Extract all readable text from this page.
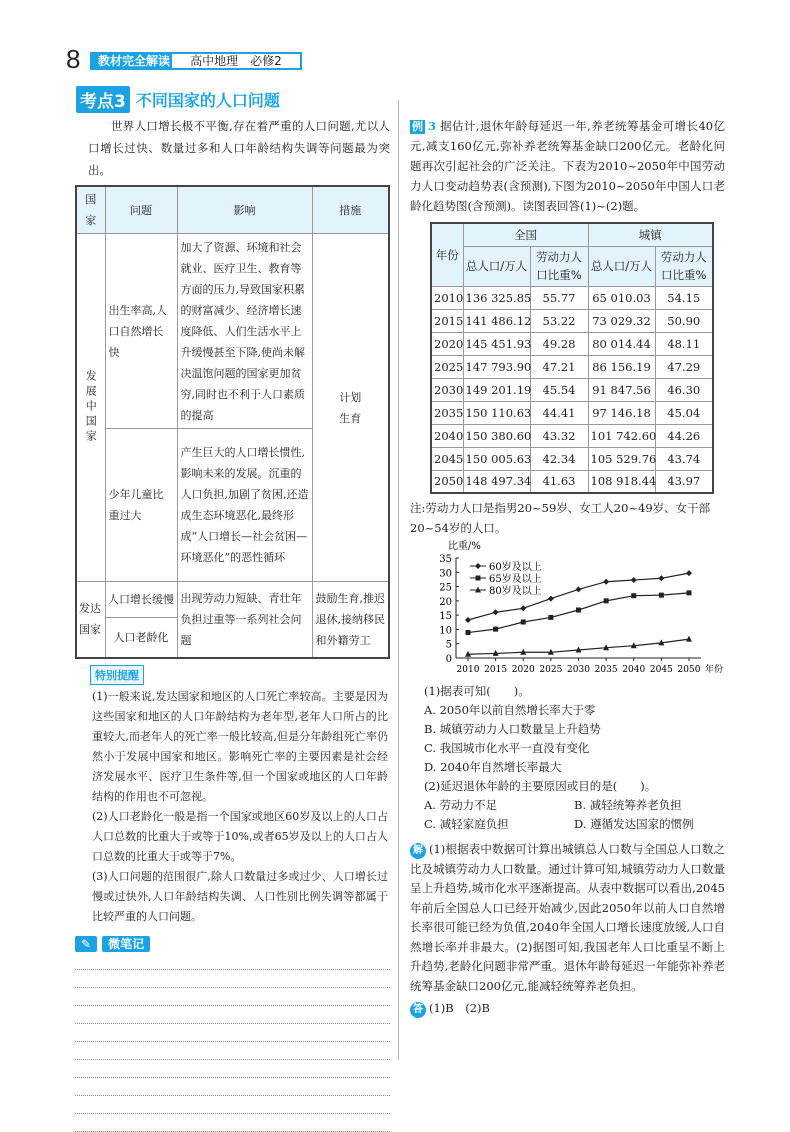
8	教材完全解读	高中地理　必修2
考点3 不同国家的人口问题
世界人口增长极不平衡,存在着严重的人口问题,尤以人口增长过快、数量过多和人口年龄结构失调等问题最为突出。
国家	问题	影响	措施

发展中国家	出生率高,人口自然增长快	加大了资源、环境和社会就业、医疗卫生、教育等方面的压力,导致国家积累的财富减少、经济增长速度降低、人们生活水平上升缓慢甚至下降,使尚未解决温饱问题的国家更加贫穷,同时也不利于人口素质的提高	计划生育
	少年儿童比重过大	产生巨大的人口增长惯性,影响未来的发展。沉重的人口负担,加剧了贫困,还造成生态环境恶化,最终形成“人口增长—社会贫困—环境恶化”的恶性循环	
发达国家	人口增长缓慢	出现劳动力短缺、青壮年负担过重等一系列社会问题	鼓励生育,推迟退休,接纳移民和外籍劳工
	人口老龄化		
特别提醒

(1)一般来说,发达国家和地区的人口死亡率较高。主要是因为这些国家和地区的人口年龄结构为老年型,老年人口所占的比重较大,而老年人的死亡率一般比较高,但是分年龄组死亡率仍然小于发展中国家和地区。影响死亡率的主要因素是社会经济发展水平、医疗卫生条件等,但一个国家或地区的人口年龄结构的作用也不可忽视。

(2)人口老龄化一般是指一个国家或地区60岁及以上的人口占人口总数的比重大于或等于10%,或者65岁及以上的人口占人口总数的比重大于或等于7%。

(3)人口问题的范围很广,除人口数量过多或过少、人口增长过慢或过快外,人口年龄结构失调、人口性别比例失调等都属于比较严重的人口问题。

✎ 微笔记
例 3 据估计,退休年龄每延迟一年,养老统筹基金可增长40亿元,减支160亿元,弥补养老统筹基金缺口200亿元。老龄化问题再次引起社会的广泛关注。下表为2010~2050年中国劳动力人口变动趋势表(含预测),下图为2010~2050年中国人口老龄化趋势图(含预测)。读图表回答(1)~(2)题。
年份	全国		城镇	
	总人口/万人	劳动力人口比重%	总人口/万人	劳动力人口比重%
2010	136 325.85	55.77	65 010.03	54.15
2015	141 486.12	53.22	73 029.32	50.90
2020	145 451.93	49.28	80 014.44	48.11
2025	147 793.90	47.21	86 156.19	47.29
2030	149 201.19	45.54	91 847.56	46.30
2035	150 110.63	44.41	97 146.18	45.04
2040	150 380.60	43.32	101 742.60	44.26
2045	150 005.63	42.34	105 529.76	43.74
2050	148 497.34	41.63	108 918.44	43.97
注:劳动力人口是指男20~59岁、女工人20~49岁、女干部20~54岁的人口。
比重/%
年份
0
5
10
15
20
25
30
35
2010 2015 2020 2025 2030 2035 2040 2045 2050
60岁及以上
65岁及以上
80岁及以上
(1)据表可知(　　)。
A. 2050年以前自然增长率大于零
B. 城镇劳动力人口数量呈上升趋势
C. 我国城市化水平一直没有变化
D. 2040年自然增长率最大
(2)延迟退休年龄的主要原因或目的是(　　)。
A. 劳动力不足	B. 减轻统筹养老负担
C. 减轻家庭负担	D. 遵循发达国家的惯例
解 (1)根据表中数据可计算出城镇总人口数与全国总人口数之比及城镇劳动力人口数量。通过计算可知,城镇劳动力人口数量呈上升趋势,城市化水平逐渐提高。从表中数据可以看出,2045年前后全国总人口已经开始减少,因此2050年以前人口自然增长率很可能已经为负值,2040年全国人口增长速度放缓,人口自然增长率并非最大。(2)据图可知,我国老年人口比重呈不断上升趋势,老龄化问题非常严重。退休年龄每延迟一年能弥补养老统筹基金缺口200亿元,能减轻统筹养老负担。
答 (1)B　(2)B
